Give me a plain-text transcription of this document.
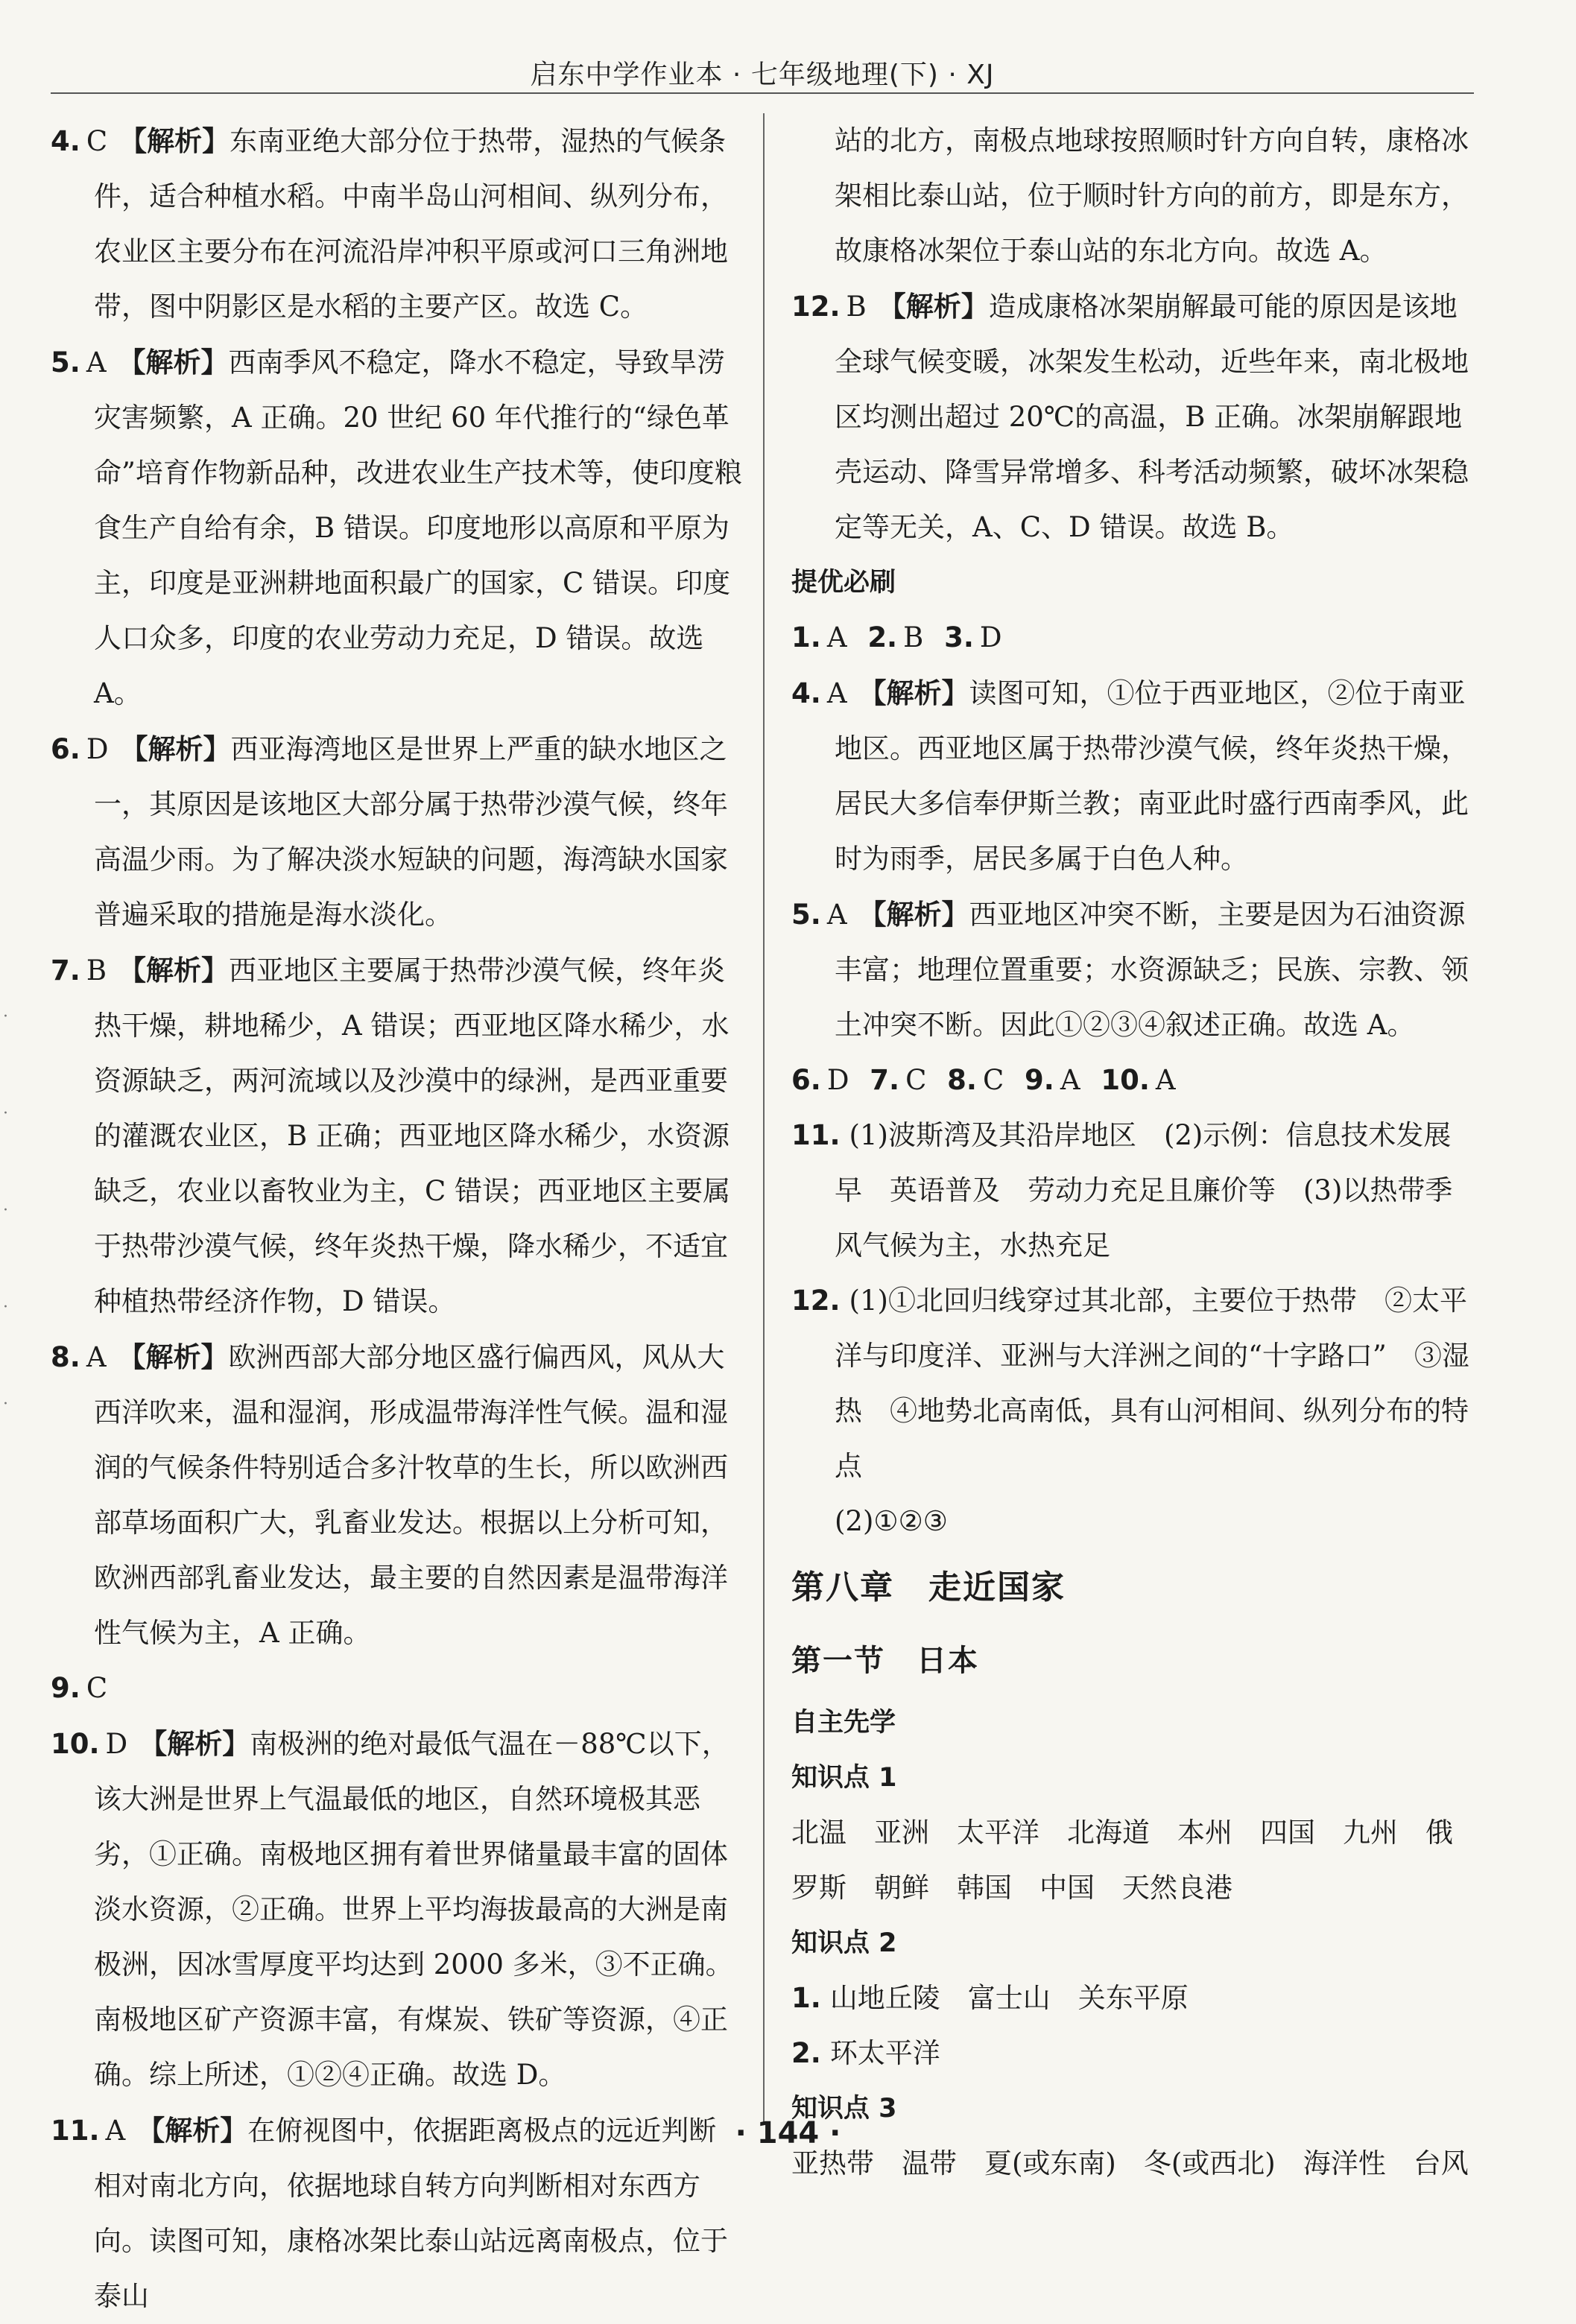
启东中学作业本 · 七年级地理(下) · XJ
·
·
·
·
·

4. C 【解析】东南亚绝大部分位于热带，湿热的气候条件，适合种植水稻。中南半岛山河相间、纵列分布，农业区主要分布在河流沿岸冲积平原或河口三角洲地带，图中阴影区是水稻的主要产区。故选 C。

5. A 【解析】西南季风不稳定，降水不稳定，导致旱涝灾害频繁，A 正确。20 世纪 60 年代推行的“绿色革命”培育作物新品种，改进农业生产技术等，使印度粮食生产自给有余，B 错误。印度地形以高原和平原为主，印度是亚洲耕地面积最广的国家，C 错误。印度人口众多，印度的农业劳动力充足，D 错误。故选 A。

6. D 【解析】西亚海湾地区是世界上严重的缺水地区之一，其原因是该地区大部分属于热带沙漠气候，终年高温少雨。为了解决淡水短缺的问题，海湾缺水国家普遍采取的措施是海水淡化。

7. B 【解析】西亚地区主要属于热带沙漠气候，终年炎热干燥，耕地稀少，A 错误；西亚地区降水稀少，水资源缺乏，两河流域以及沙漠中的绿洲，是西亚重要的灌溉农业区，B 正确；西亚地区降水稀少，水资源缺乏，农业以畜牧业为主，C 错误；西亚地区主要属于热带沙漠气候，终年炎热干燥，降水稀少，不适宜种植热带经济作物，D 错误。

8. A 【解析】欧洲西部大部分地区盛行偏西风，风从大西洋吹来，温和湿润，形成温带海洋性气候。温和湿润的气候条件特别适合多汁牧草的生长，所以欧洲西部草场面积广大，乳畜业发达。根据以上分析可知，欧洲西部乳畜业发达，最主要的自然因素是温带海洋性气候为主，A 正确。

9. C

10. D 【解析】南极洲的绝对最低气温在－88℃以下，该大洲是世界上气温最低的地区，自然环境极其恶劣，①正确。南极地区拥有着世界储量最丰富的固体淡水资源，②正确。世界上平均海拔最高的大洲是南极洲，因冰雪厚度平均达到 2000 多米，③不正确。南极地区矿产资源丰富，有煤炭、铁矿等资源，④正确。综上所述，①②④正确。故选 D。

11. A 【解析】在俯视图中，依据距离极点的远近判断相对南北方向，依据地球自转方向判断相对东西方向。读图可知，康格冰架比泰山站远离南极点，位于泰山

站的北方，南极点地球按照顺时针方向自转，康格冰架相比泰山站，位于顺时针方向的前方，即是东方，故康格冰架位于泰山站的东北方向。故选 A。

12. B 【解析】造成康格冰架崩解最可能的原因是该地全球气候变暖，冰架发生松动，近些年来，南北极地区均测出超过 20℃的高温，B 正确。冰架崩解跟地壳运动、降雪异常增多、科考活动频繁，破坏冰架稳定等无关，A、C、D 错误。故选 B。

提优必刷

1. A 2. B 3. D

4. A 【解析】读图可知，①位于西亚地区，②位于南亚地区。西亚地区属于热带沙漠气候，终年炎热干燥，居民大多信奉伊斯兰教；南亚此时盛行西南季风，此时为雨季，居民多属于白色人种。

5. A 【解析】西亚地区冲突不断，主要是因为石油资源丰富；地理位置重要；水资源缺乏；民族、宗教、领土冲突不断。因此①②③④叙述正确。故选 A。

6. D 7. C 8. C 9. A 10. A

11. (1)波斯湾及其沿岸地区　(2)示例：信息技术发展早　英语普及　劳动力充足且廉价等　(3)以热带季风气候为主，水热充足

12. (1)①北回归线穿过其北部，主要位于热带　②太平洋与印度洋、亚洲与大洋洲之间的“十字路口”　③湿热　④地势北高南低，具有山河相间、纵列分布的特点

(2)①②③

第八章　走近国家

第一节　日本

自主先学

知识点 1

北温　亚洲　太平洋　北海道　本州　四国　九州　俄罗斯　朝鲜　韩国　中国　天然良港

知识点 2

1. 山地丘陵　富士山　关东平原

2. 环太平洋

知识点 3

亚热带　温带　夏(或东南)　冬(或西北)　海洋性　台风

· 144 ·
